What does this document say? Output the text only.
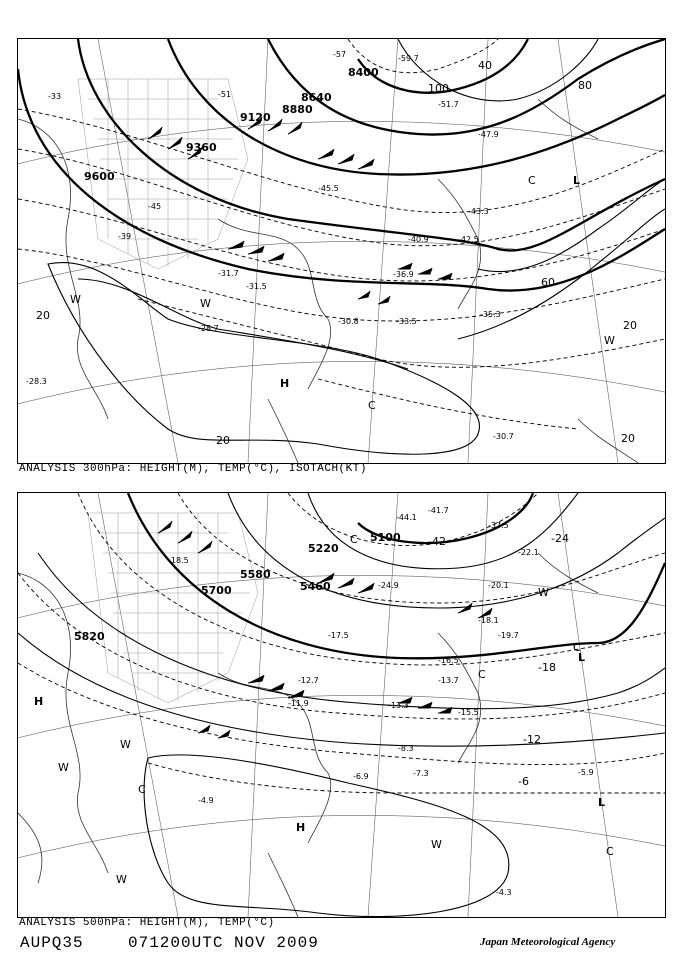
8400
8640
8880
9120
9360
9600
20
20
40
60
80
100
20
20
-59.7
-57
-51
-45
-39
-33
-51.7
-47.9
-45.5
-43.3
-42.5
-40.9
-36.9
-35.3
-33.5
-31.7
-31.5
-30.8
-30.7
-28.7
-28.3	H
L
C
C
W	W
W
ANALYSIS 300hPa: HEIGHT(M), TEMP(°C), ISOTACH(KT)
5100
5220
5460
5580
5700
5820
-42	-24
-18
-12
-6
-44.1
-41.7
-37.5
-24.9
-22.1
-20.1
-19.7
-18.5
-18.1
-17.5
-16.5
-15.5
-13.7
-13.3
-12.7
-11.9
-8.3
-7.3
-6.9	-5.9
-4.9
-4.3
H
H
L
L
C
C
C
C
C
W
W
W
W
W
ANALYSIS 500hPa: HEIGHT(M), TEMP(°C)
AUPQ35	071200UTC NOV 2009	Japan Meteorological Agency
